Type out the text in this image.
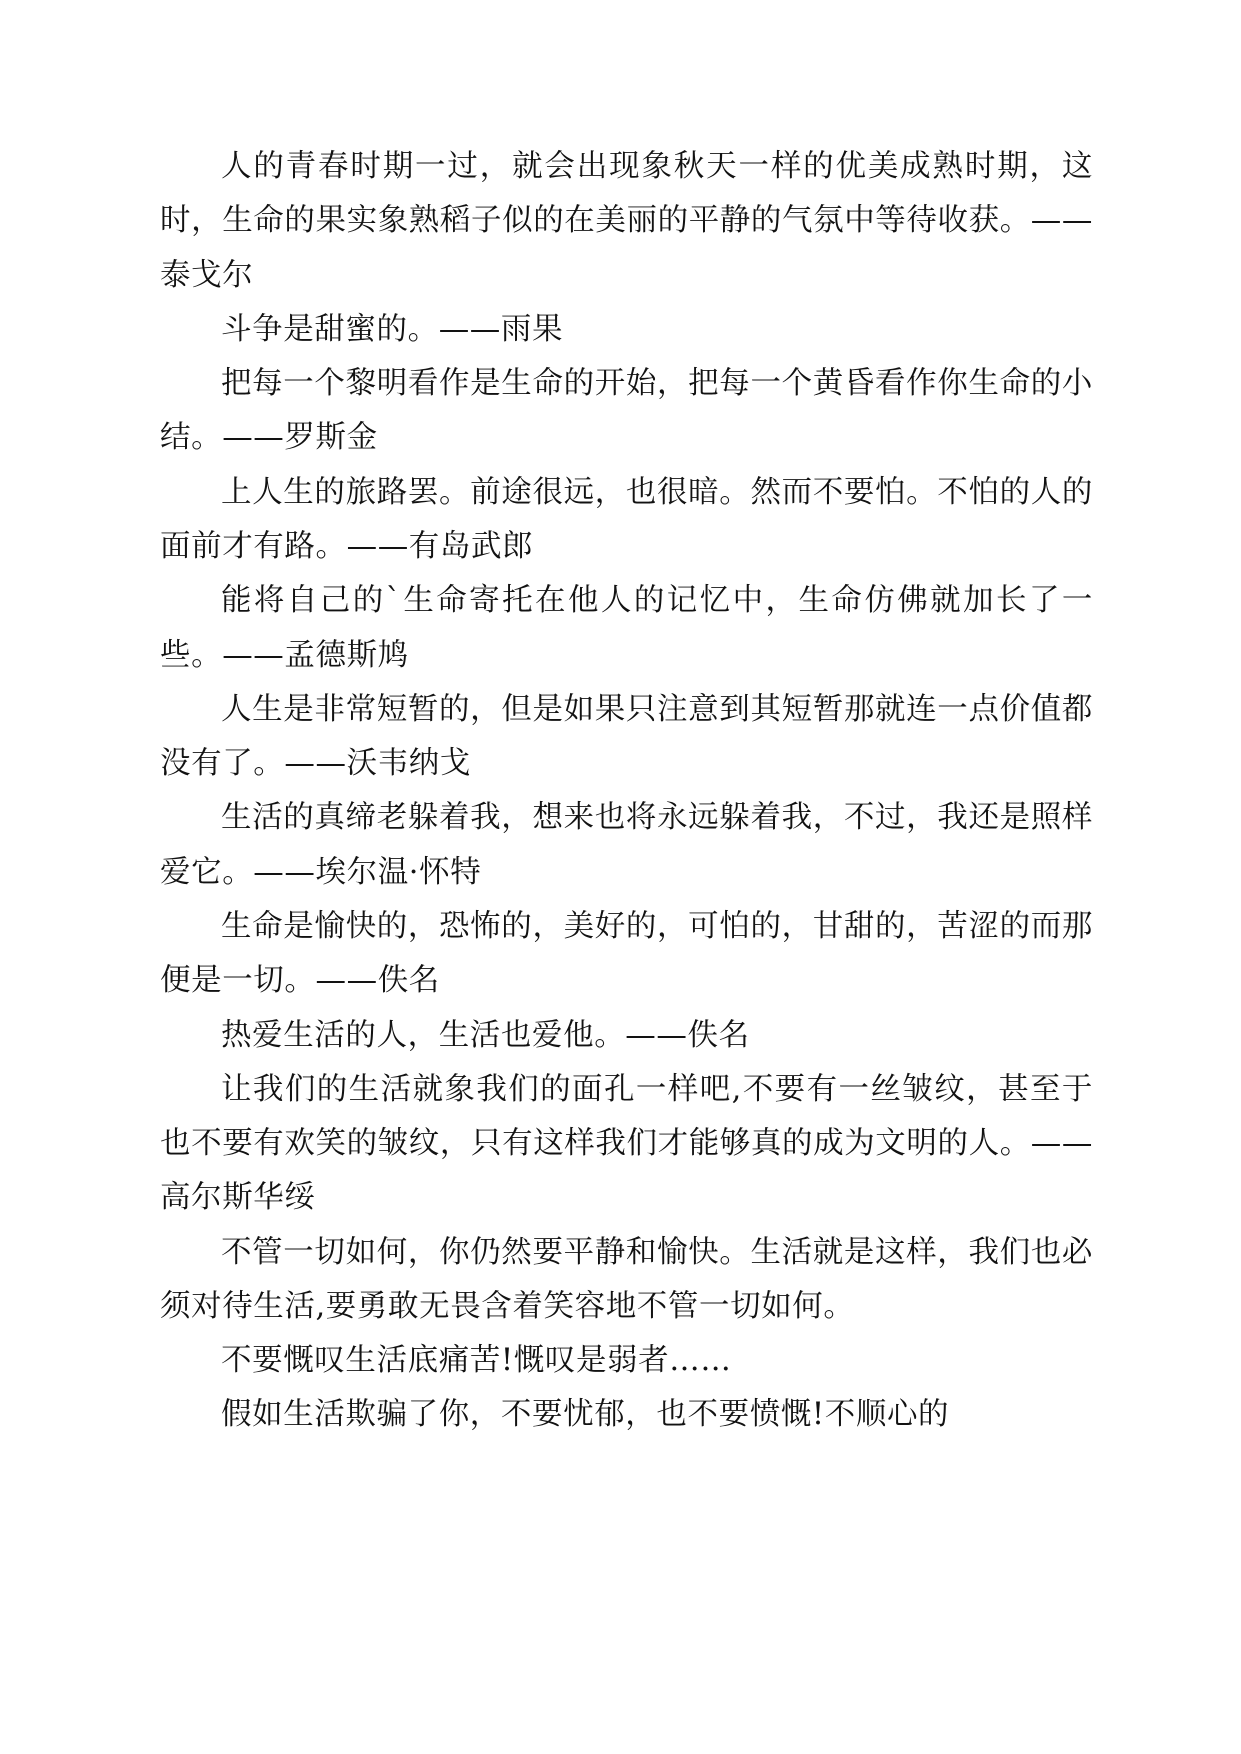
人的青春时期一过，就会出现象秋天一样的优美成熟时期，这时，生命的果实象熟稻子似的在美丽的平静的气氛中等待收获。——泰戈尔

斗争是甜蜜的。——雨果

把每一个黎明看作是生命的开始，把每一个黄昏看作你生命的小结。——罗斯金

上人生的旅路罢。前途很远，也很暗。然而不要怕。不怕的人的面前才有路。——有岛武郎

能将自己的`生命寄托在他人的记忆中，生命仿佛就加长了一些。——孟德斯鸠

人生是非常短暂的，但是如果只注意到其短暂那就连一点价值都没有了。——沃韦纳戈

生活的真缔老躲着我，想来也将永远躲着我，不过，我还是照样爱它。——埃尔温·怀特

生命是愉快的，恐怖的，美好的，可怕的，甘甜的，苦涩的而那便是一切。——佚名

热爱生活的人，生活也爱他。——佚名

让我们的生活就象我们的面孔一样吧,不要有一丝皱纹，甚至于也不要有欢笑的皱纹，只有这样我们才能够真的成为文明的人。——高尔斯华绥

不管一切如何，你仍然要平静和愉快。生活就是这样，我们也必须对待生活,要勇敢无畏含着笑容地不管一切如何。

不要慨叹生活底痛苦!慨叹是弱者……

假如生活欺骗了你，不要忧郁，也不要愤慨!不顺心的
